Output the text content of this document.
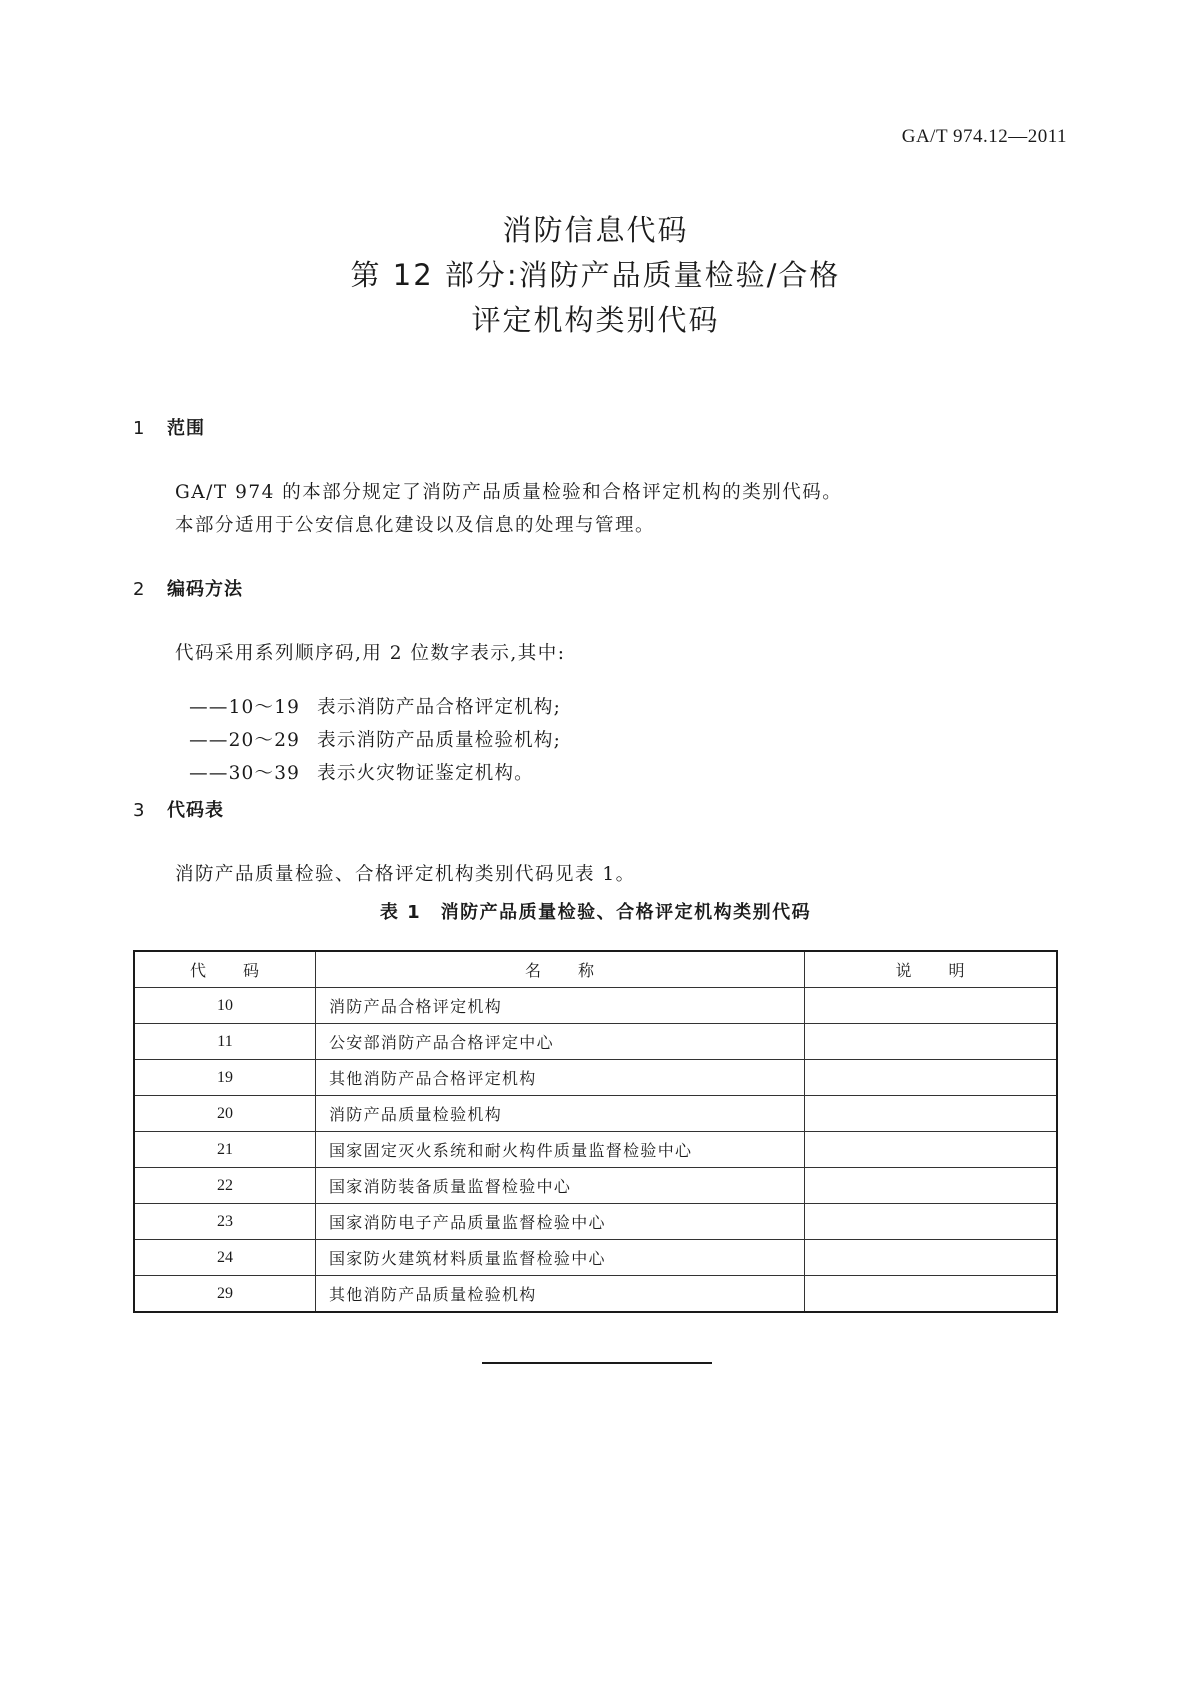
GA/T 974.12—2011
消防信息代码
第 12 部分:消防产品质量检验/合格
评定机构类别代码
1 范围
GA/T 974 的本部分规定了消防产品质量检验和合格评定机构的类别代码。
本部分适用于公安信息化建设以及信息的处理与管理。
2 编码方法
代码采用系列顺序码,用 2 位数字表示,其中:

——10～19 表示消防产品合格评定机构;

——20～29 表示消防产品质量检验机构;

——30～39 表示火灾物证鉴定机构。

3 代码表
消防产品质量检验、合格评定机构类别代码见表 1。
表 1　消防产品质量检验、合格评定机构类别代码
代 码	名 称	说 明
10	消防产品合格评定机构	
11	公安部消防产品合格评定中心	
19	其他消防产品合格评定机构	
20	消防产品质量检验机构	
21	国家固定灭火系统和耐火构件质量监督检验中心	
22	国家消防装备质量监督检验中心	
23	国家消防电子产品质量监督检验中心	
24	国家防火建筑材料质量监督检验中心	
29	其他消防产品质量检验机构	
